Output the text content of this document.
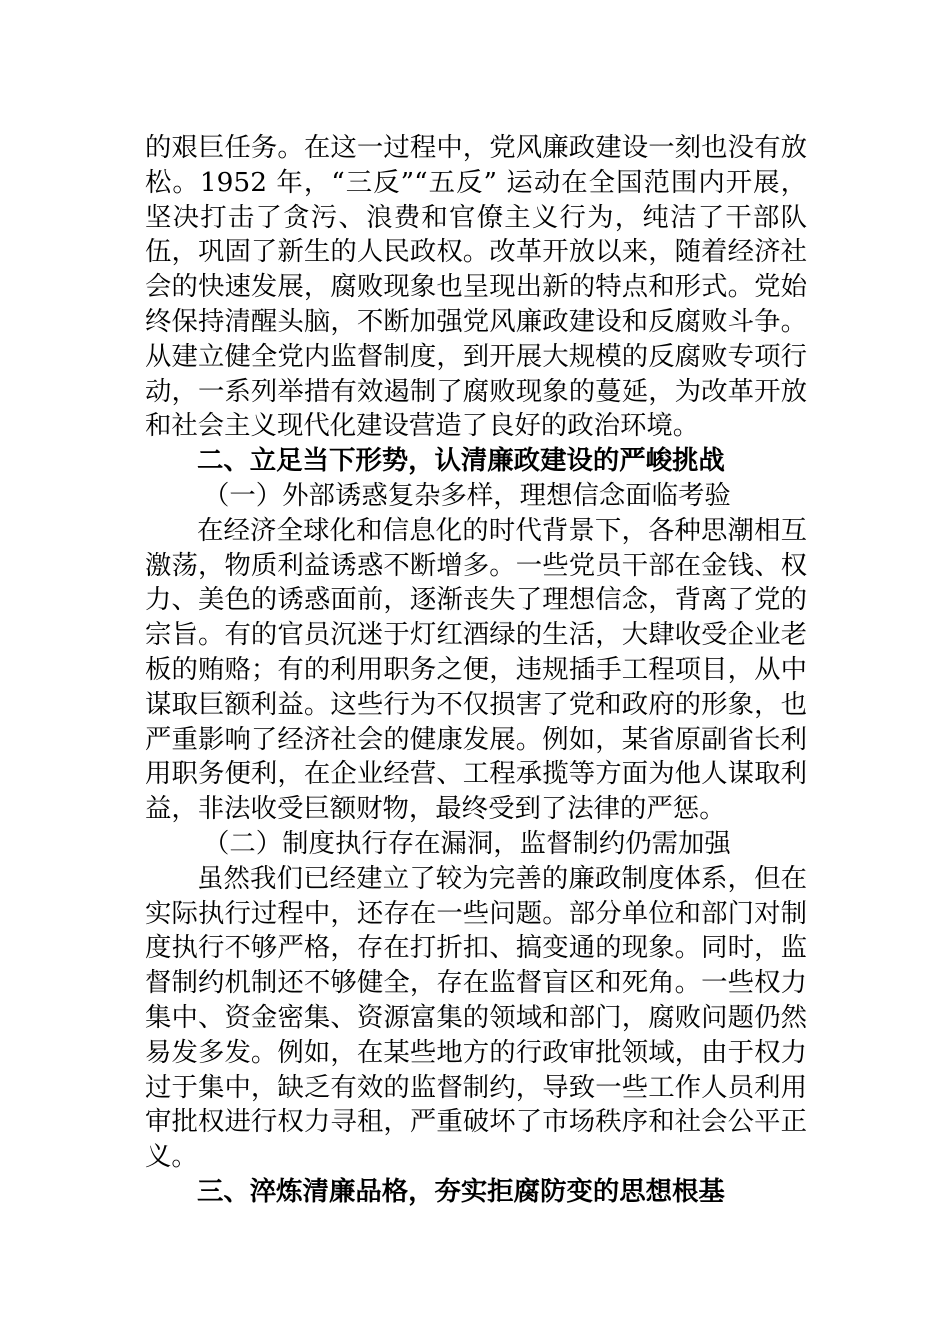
的艰巨任务。在这一过程中，党风廉政建设一刻也没有放松。1952 年，“三反”“五反” 运动在全国范围内开展，坚决打击了贪污、浪费和官僚主义行为，纯洁了干部队伍，巩固了新生的人民政权。改革开放以来，随着经济社会的快速发展，腐败现象也呈现出新的特点和形式。党始终保持清醒头脑，不断加强党风廉政建设和反腐败斗争。从建立健全党内监督制度，到开展大规模的反腐败专项行动，一系列举措有效遏制了腐败现象的蔓延，为改革开放和社会主义现代化建设营造了良好的政治环境。

二、立足当下形势，认清廉政建设的严峻挑战

（一）外部诱惑复杂多样，理想信念面临考验

在经济全球化和信息化的时代背景下，各种思潮相互激荡，物质利益诱惑不断增多。一些党员干部在金钱、权力、美色的诱惑面前，逐渐丧失了理想信念，背离了党的宗旨。有的官员沉迷于灯红酒绿的生活，大肆收受企业老板的贿赂；有的利用职务之便，违规插手工程项目，从中谋取巨额利益。这些行为不仅损害了党和政府的形象，也严重影响了经济社会的健康发展。例如，某省原副省长利用职务便利，在企业经营、工程承揽等方面为他人谋取利益，非法收受巨额财物，最终受到了法律的严惩。

（二）制度执行存在漏洞，监督制约仍需加强

虽然我们已经建立了较为完善的廉政制度体系，但在实际执行过程中，还存在一些问题。部分单位和部门对制度执行不够严格，存在打折扣、搞变通的现象。同时，监督制约机制还不够健全，存在监督盲区和死角。一些权力集中、资金密集、资源富集的领域和部门，腐败问题仍然易发多发。例如，在某些地方的行政审批领域，由于权力过于集中，缺乏有效的监督制约，导致一些工作人员利用审批权进行权力寻租，严重破坏了市场秩序和社会公平正义。

三、淬炼清廉品格，夯实拒腐防变的思想根基
